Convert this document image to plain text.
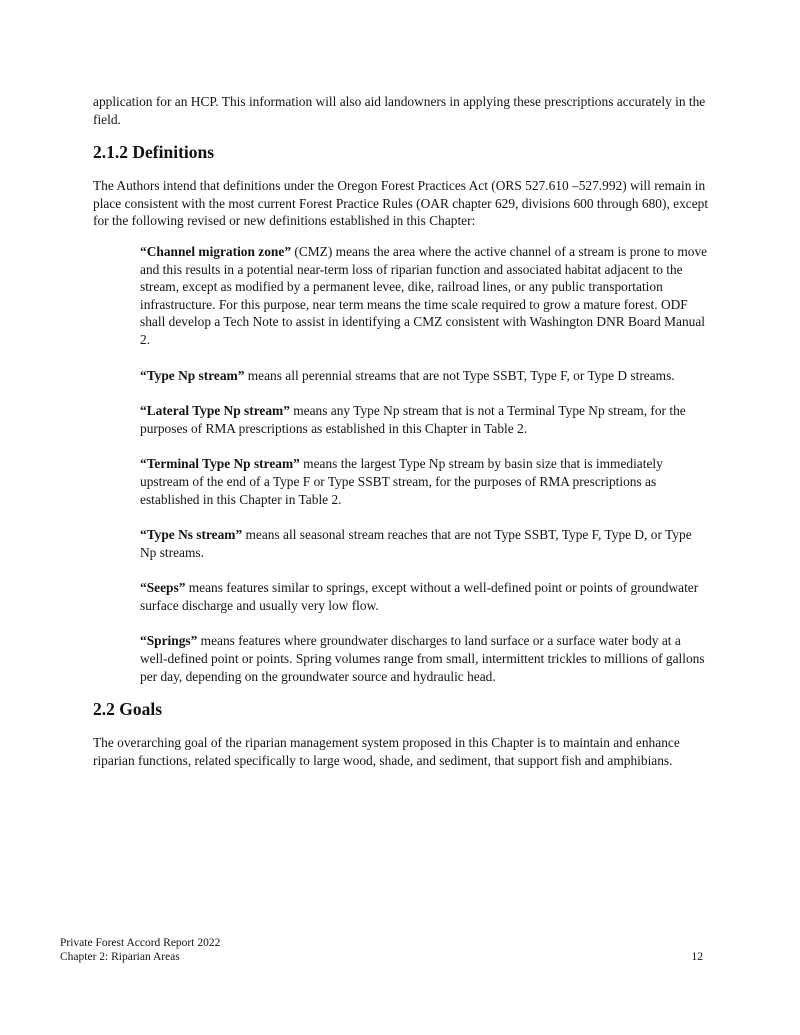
application for an HCP. This information will also aid landowners in applying these prescriptions accurately in the field.

2.1.2 Definitions

The Authors intend that definitions under the Oregon Forest Practices Act (ORS 527.610 –527.992) will remain in place consistent with the most current Forest Practice Rules (OAR chapter 629, divisions 600 through 680), except for the following revised or new definitions established in this Chapter:

“Channel migration zone” (CMZ) means the area where the active channel of a stream is prone to move and this results in a potential near-term loss of riparian function and associated habitat adjacent to the stream, except as modified by a permanent levee, dike, railroad lines, or any public transportation infrastructure. For this purpose, near term means the time scale required to grow a mature forest. ODF shall develop a Tech Note to assist in identifying a CMZ consistent with Washington DNR Board Manual 2.

“Type Np stream” means all perennial streams that are not Type SSBT, Type F, or Type D streams.

“Lateral Type Np stream” means any Type Np stream that is not a Terminal Type Np stream, for the purposes of RMA prescriptions as established in this Chapter in Table 2.

“Terminal Type Np stream” means the largest Type Np stream by basin size that is immediately upstream of the end of a Type F or Type SSBT stream, for the purposes of RMA prescriptions as established in this Chapter in Table 2.

“Type Ns stream” means all seasonal stream reaches that are not Type SSBT, Type F, Type D, or Type Np streams.

“Seeps” means features similar to springs, except without a well-defined point or points of groundwater surface discharge and usually very low flow.

“Springs” means features where groundwater discharges to land surface or a surface water body at a well-defined point or points. Spring volumes range from small, intermittent trickles to millions of gallons per day, depending on the groundwater source and hydraulic head.

2.2 Goals

The overarching goal of the riparian management system proposed in this Chapter is to maintain and enhance riparian functions, related specifically to large wood, shade, and sediment, that support fish and amphibians.

Private Forest Accord Report 2022
Chapter 2: Riparian Areas	12
